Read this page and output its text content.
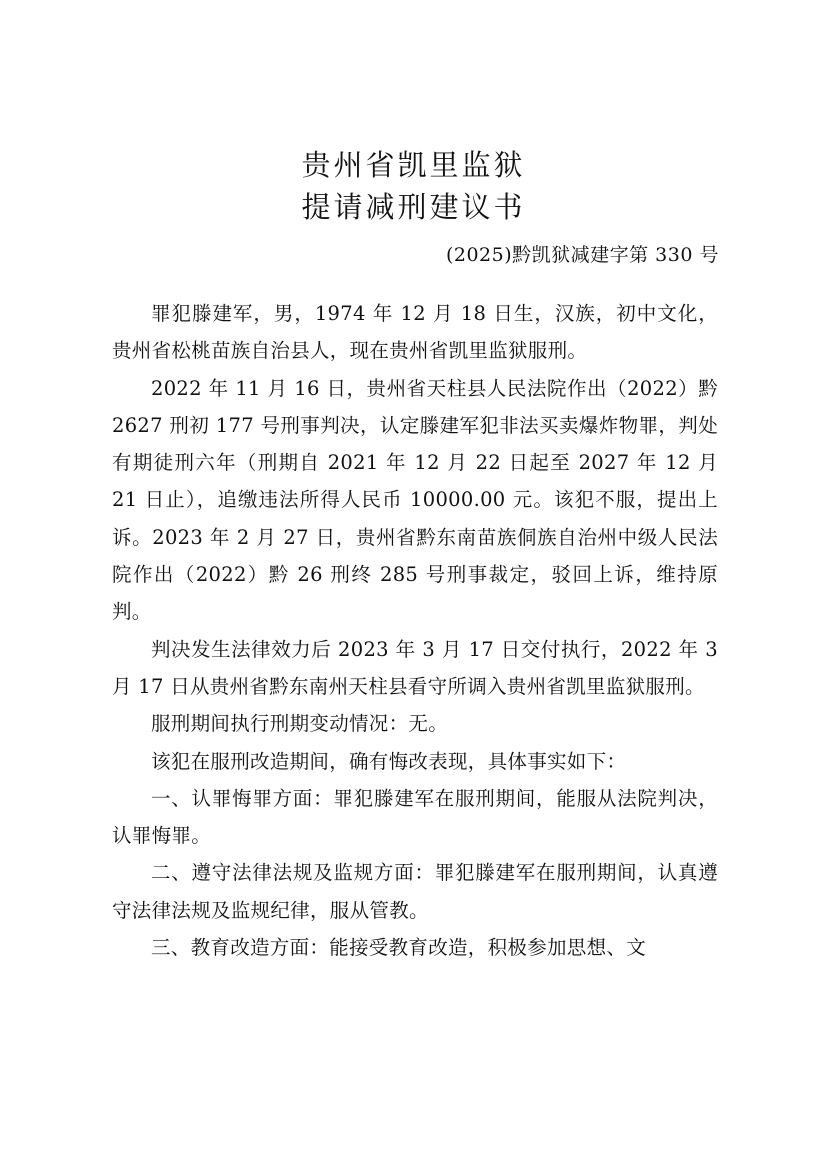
贵州省凯里监狱
提请减刑建议书
(2025)黔凯狱减建字第 330 号

罪犯滕建军，男，1974 年 12 月 18 日生，汉族，初中文化，贵州省松桃苗族自治县人，现在贵州省凯里监狱服刑。

2022 年 11 月 16 日，贵州省天柱县人民法院作出（2022）黔 2627 刑初 177 号刑事判决，认定滕建军犯非法买卖爆炸物罪，判处有期徒刑六年（刑期自 2021 年 12 月 22 日起至 2027 年 12 月 21 日止），追缴违法所得人民币 10000.00 元。该犯不服，提出上诉。2023 年 2 月 27 日，贵州省黔东南苗族侗族自治州中级人民法院作出（2022）黔 26 刑终 285 号刑事裁定，驳回上诉，维持原判。

判决发生法律效力后 2023 年 3 月 17 日交付执行，2022 年 3 月 17 日从贵州省黔东南州天柱县看守所调入贵州省凯里监狱服刑。

服刑期间执行刑期变动情况：无。

该犯在服刑改造期间，确有悔改表现，具体事实如下：

一、认罪悔罪方面：罪犯滕建军在服刑期间，能服从法院判决，认罪悔罪。

二、遵守法律法规及监规方面：罪犯滕建军在服刑期间，认真遵守法律法规及监规纪律，服从管教。

三、教育改造方面：能接受教育改造，积极参加思想、文
